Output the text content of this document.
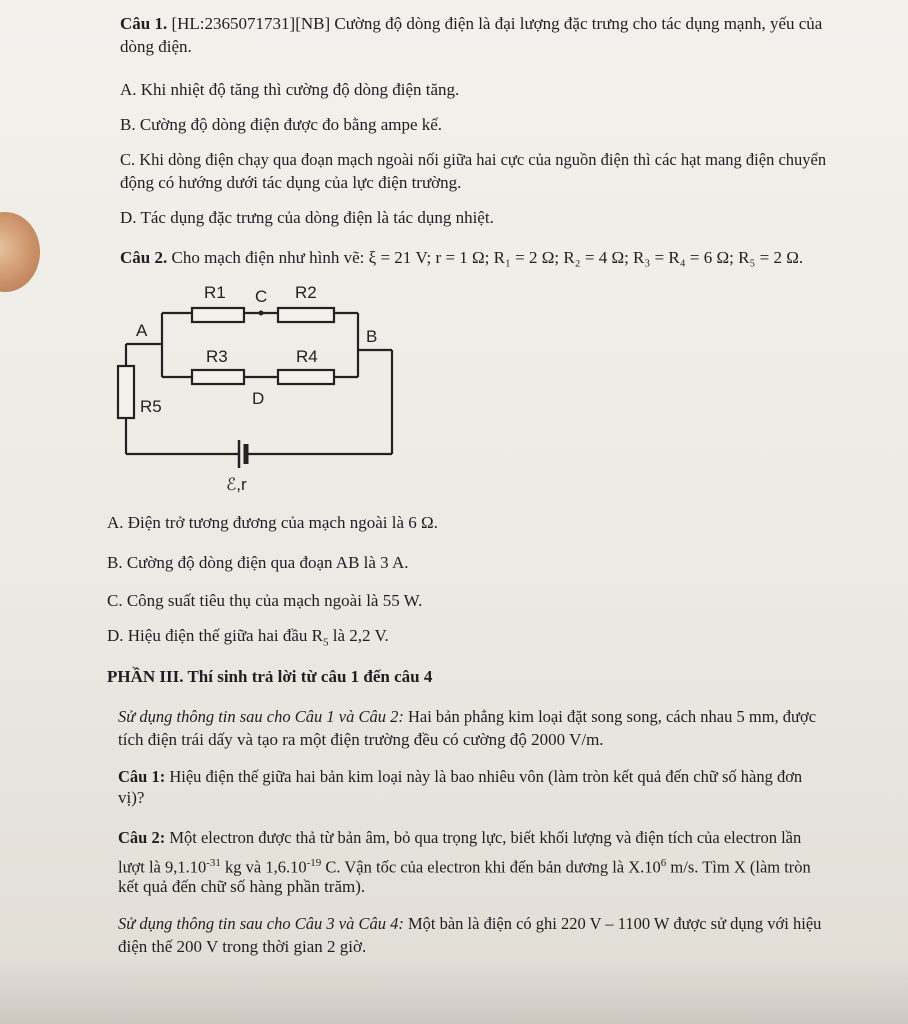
Câu 1. [HL:2365071731][NB] Cường độ dòng điện là đại lượng đặc trưng cho tác dụng mạnh, yếu của
dòng điện.
A. Khi nhiệt độ tăng thì cường độ dòng điện tăng.
B. Cường độ dòng điện được đo bằng ampe kế.
C. Khi dòng điện chạy qua đoạn mạch ngoài nối giữa hai cực của nguồn điện thì các hạt mang điện chuyển
động có hướng dưới tác dụng của lực điện trường.
D. Tác dụng đặc trưng của dòng điện là tác dụng nhiệt.
Câu 2. Cho mạch điện như hình vẽ: ξ = 21 V; r = 1 Ω; R₁ = 2 Ω; R₂ = 4 Ω; R₃ = R₄ = 6 Ω; R₅ = 2 Ω.
R1 C R2
A	B
R3	R4
D
R5
ℰ,r
A. Điện trở tương đương của mạch ngoài là 6 Ω.
B. Cường độ dòng điện qua đoạn AB là 3 A.
C. Công suất tiêu thụ của mạch ngoài là 55 W.
D. Hiệu điện thế giữa hai đầu $R_5$ là 2,2 V.
PHẦN III. Thí sinh trả lời từ câu 1 đến câu 4
Sử dụng thông tin sau cho Câu 1 và Câu 2: Hai bản phẳng kim loại đặt song song, cách nhau 5 mm, được
tích điện trái dấy và tạo ra một điện trường đều có cường độ 2000 V/m.
Câu 1: Hiệu điện thế giữa hai bản kim loại này là bao nhiêu vôn (làm tròn kết quả đến chữ số hàng đơn
vị)?
Câu 2: Một electron được thả từ bản âm, bỏ qua trọng lực, biết khối lượng và điện tích của electron lần
lượt là $9,1.10^{-31}$ kg và $1,6.10^{-19}$ C. Vận tốc của electron khi đến bản dương là $X.10^6$ m/s. Tìm X (làm tròn
kết quả đến chữ số hàng phần trăm).
Sử dụng thông tin sau cho Câu 3 và Câu 4: Một bàn là điện có ghi 220 V – 1100 W được sử dụng với hiệu
điện thế 200 V trong thời gian 2 giờ.
